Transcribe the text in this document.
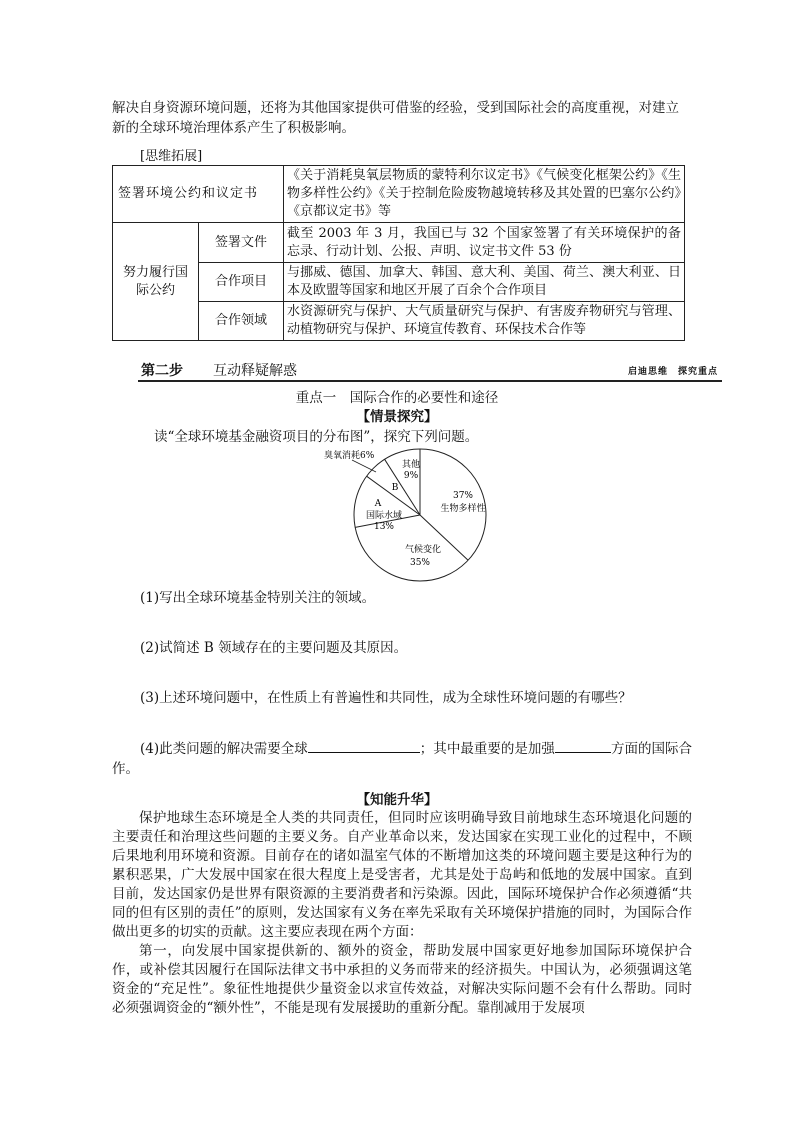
解决自身资源环境问题，还将为其他国家提供可借鉴的经验，受到国际社会的高度重视，对建立新的全球环境治理体系产生了积极影响。
[思维拓展]
签署环境公约和议定书		《关于消耗臭氧层物质的蒙特利尔议定书》《气候变化框架公约》《生物多样性公约》《关于控制危险废物越境转移及其处置的巴塞尔公约》《京都议定书》等
努力履行国际公约	签署文件	截至 2003 年 3 月，我国已与 32 个国家签署了有关环境保护的备忘录、行动计划、公报、声明、议定书文件 53 份
	合作项目	与挪威、德国、加拿大、韩国、意大利、美国、荷兰、澳大利亚、日本及欧盟等国家和地区开展了百余个合作项目
	合作领域	水资源研究与保护、大气质量研究与保护、有害废弃物研究与管理、动植物研究与保护、环境宣传教育、环保技术合作等
第二步 互动释疑解惑	启迪思维　探究重点
重点一　国际合作的必要性和途径
【情景探究】
读“全球环境基金融资项目的分布图”，探究下列问题。
臭氧消耗6%
B
其他
9%
37%
生物多样性
气候变化
35%
A
国际水域
13%
(1)写出全球环境基金特别关注的领域。
(2)试简述 B 领域存在的主要问题及其原因。
(3)上述环境问题中，在性质上有普遍性和共同性，成为全球性环境问题的有哪些？
(4)此类问题的解决需要全球	；其中最重要的是加强	方面的国际合作。
【知能升华】
保护地球生态环境是全人类的共同责任，但同时应该明确导致目前地球生态环境退化问题的主要责任和治理这些问题的主要义务。自产业革命以来，发达国家在实现工业化的过程中，不顾后果地利用环境和资源。目前存在的诸如温室气体的不断增加这类的环境问题主要是这种行为的累积恶果，广大发展中国家在很大程度上是受害者，尤其是处于岛屿和低地的发展中国家。直到目前，发达国家仍是世界有限资源的主要消费者和污染源。因此，国际环境保护合作必须遵循“共同的但有区别的责任”的原则，发达国家有义务在率先采取有关环境保护措施的同时，为国际合作做出更多的切实的贡献。这主要应表现在两个方面：
第一，向发展中国家提供新的、额外的资金，帮助发展中国家更好地参加国际环境保护合作，或补偿其因履行在国际法律文书中承担的义务而带来的经济损失。中国认为，必须强调这笔资金的“充足性”。象征性地提供少量资金以求宣传效益，对解决实际问题不会有什么帮助。同时必须强调资金的“额外性”，不能是现有发展援助的重新分配。靠削减用于发展项
